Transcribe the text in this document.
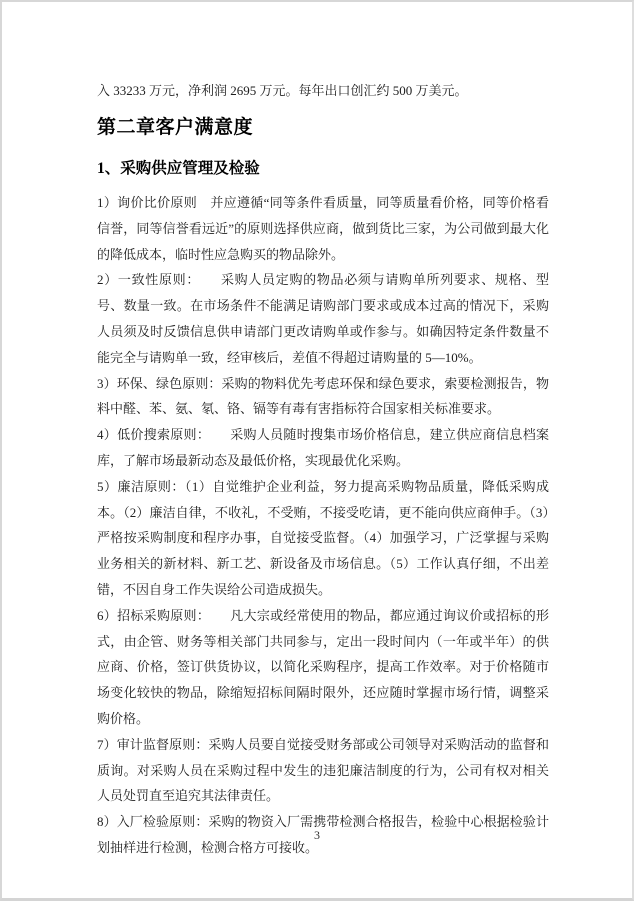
入 33233 万元，净利润 2695 万元。每年出口创汇约 500 万美元。

第二章客户满意度
1、采购供应管理及检验

1）询价比价原则　并应遵循“同等条件看质量，同等质量看价格，同等价格看信誉，同等信誉看远近”的原则选择供应商，做到货比三家，为公司做到最大化的降低成本，临时性应急购买的物品除外。

2）一致性原则：　　采购人员定购的物品必须与请购单所列要求、规格、型号、数量一致。在市场条件不能满足请购部门要求或成本过高的情况下，采购人员须及时反馈信息供申请部门更改请购单或作参与。如确因特定条件数量不能完全与请购单一致，经审核后，差值不得超过请购量的 5—10%。

3）环保、绿色原则：采购的物料优先考虑环保和绿色要求，索要检测报告，物料中醛、苯、氨、氡、铬、镉等有毒有害指标符合国家相关标准要求。

4）低价搜索原则：　　采购人员随时搜集市场价格信息，建立供应商信息档案库，了解市场最新动态及最低价格，实现最优化采购。

5）廉洁原则：（1）自觉维护企业利益，努力提高采购物品质量，降低采购成本。（2）廉洁自律，不收礼，不受贿，不接受吃请，更不能向供应商伸手。（3）严格按采购制度和程序办事，自觉接受监督。（4）加强学习，广泛掌握与采购业务相关的新材料、新工艺、新设备及市场信息。（5）工作认真仔细，不出差错，不因自身工作失误给公司造成损失。

6）招标采购原则：　　凡大宗或经常使用的物品，都应通过询议价或招标的形式，由企管、财务等相关部门共同参与，定出一段时间内（一年或半年）的供应商、价格，签订供货协议，以简化采购程序，提高工作效率。对于价格随市场变化较快的物品，除缩短招标间隔时限外，还应随时掌握市场行情，调整采购价格。

7）审计监督原则：采购人员要自觉接受财务部或公司领导对采购活动的监督和质询。对采购人员在采购过程中发生的违犯廉洁制度的行为，公司有权对相关人员处罚直至追究其法律责任。

8）入厂检验原则：采购的物资入厂需携带检测合格报告，检验中心根据检验计划抽样进行检测，检测合格方可接收。

3
